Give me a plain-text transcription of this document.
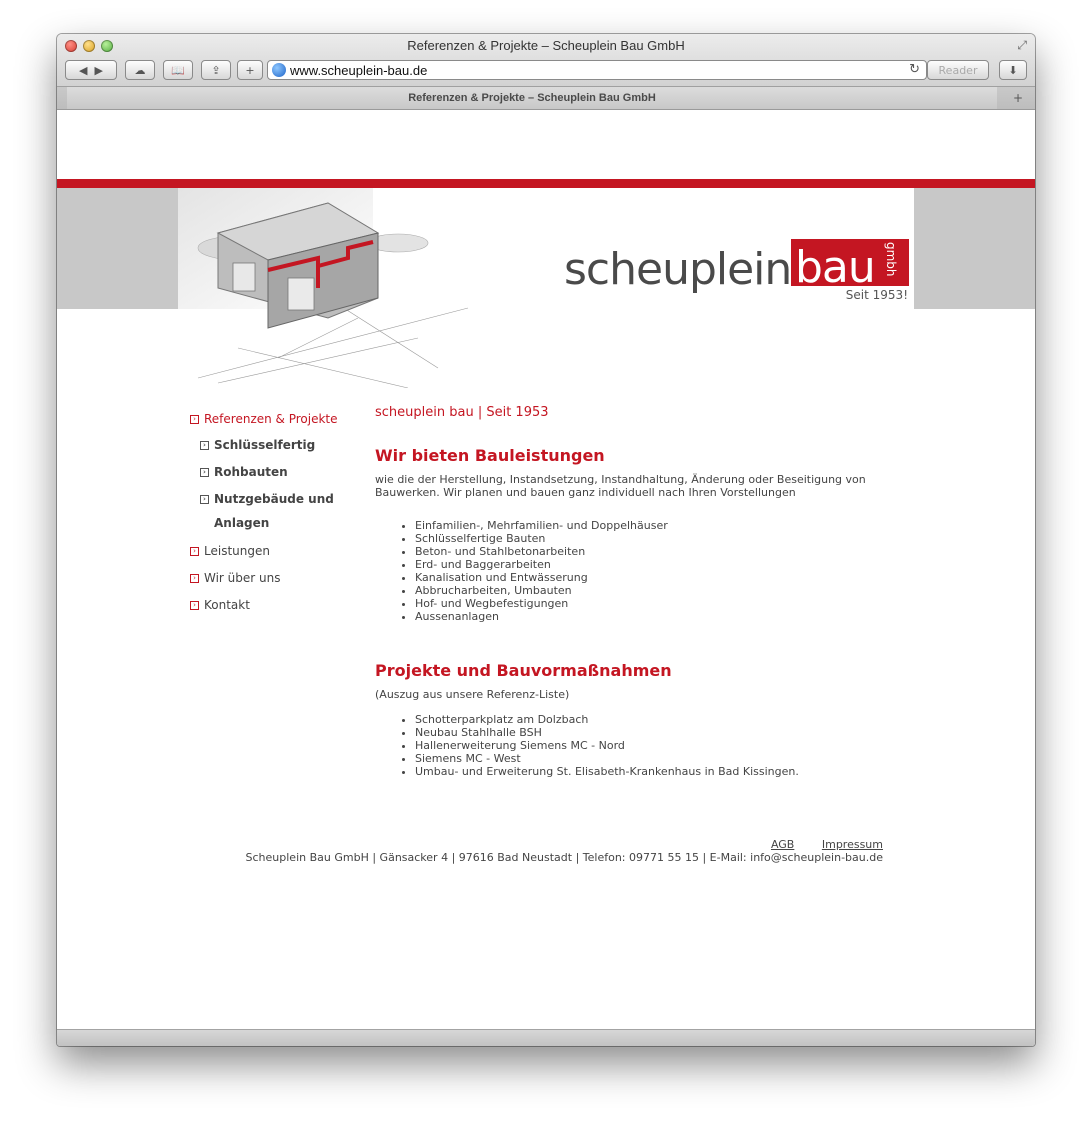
Referenzen & Projekte – Scheuplein Bau GmbH	⤢
◀
▶	☁ 📖 ⇪ +	www.scheuplein-bau.de	↻	Reader	⬇
Referenzen & Projekte – Scheuplein Bau GmbH	+
scheuplein bau gmbh
Seit 1953!
› Referenzen & Projekte
› Schlüsselfertig
› Rohbauten
› Nutzgebäude und Anlagen
› Leistungen
› Wir über uns
› Kontakt
scheuplein bau | Seit 1953
Wir bieten Bauleistungen
wie die der Herstellung, Instandsetzung, Instandhaltung, Änderung oder Beseitigung von Bauwerken. Wir planen und bauen ganz individuell nach Ihren Vorstellungen
• Einfamilien-, Mehrfamilien- und Doppelhäuser
• Schlüsselfertige Bauten
• Beton- und Stahlbetonarbeiten
• Erd- und Baggerarbeiten
• Kanalisation und Entwässerung
• Abbrucharbeiten, Umbauten
• Hof- und Wegbefestigungen
• Aussenanlagen
Projekte und Bauvormaßnahmen
(Auszug aus unsere Referenz-Liste)
• Schotterparkplatz am Dolzbach
• Neubau Stahlhalle BSH
• Hallenerweiterung Siemens MC - Nord
• Siemens MC - West
• Umbau- und Erweiterung St. Elisabeth-Krankenhaus in Bad Kissingen.
AGB	Impressum
Scheuplein Bau GmbH | Gänsacker 4 | 97616 Bad Neustadt | Telefon: 09771 55 15 | E-Mail: info@scheuplein-bau.de
